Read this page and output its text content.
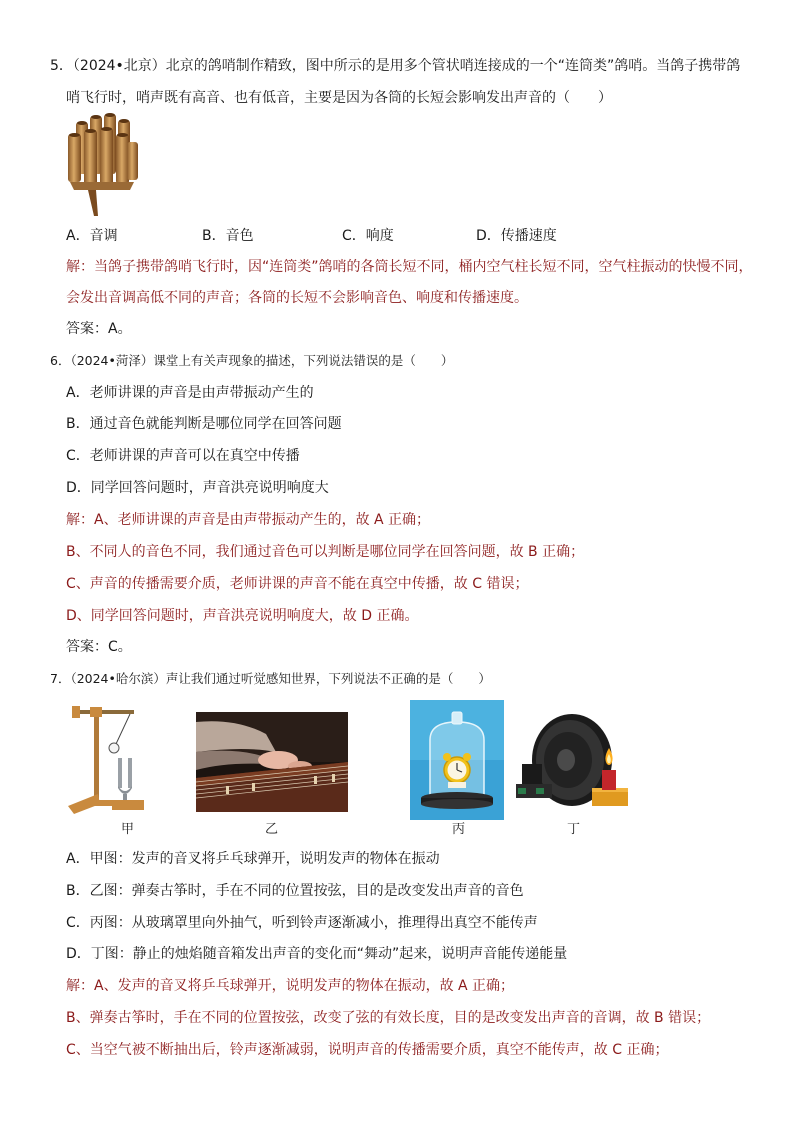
5．（2024•北京）北京的鸽哨制作精致，图中所示的是用多个管状哨连接成的一个“连筒类”鸽哨。当鸽子携带鸽
哨飞行时，哨声既有高音、也有低音，主要是因为各筒的长短会影响发出声音的（　　）
A．音调	B．音色	C．响度	D．传播速度
解：当鸽子携带鸽哨飞行时，因“连筒类”鸽哨的各筒长短不同，桶内空气柱长短不同，空气柱振动的快慢不同，
会发出音调高低不同的声音；各筒的长短不会影响音色、响度和传播速度。
答案：A。
6．（2024•菏泽）课堂上有关声现象的描述，下列说法错误的是（　　）
A．老师讲课的声音是由声带振动产生的
B．通过音色就能判断是哪位同学在回答问题
C．老师讲课的声音可以在真空中传播
D．同学回答问题时，声音洪亮说明响度大
解：A、老师讲课的声音是由声带振动产生的，故 A 正确；
B、不同人的音色不同，我们通过音色可以判断是哪位同学在回答问题，故 B 正确；
C、声音的传播需要介质，老师讲课的声音不能在真空中传播，故 C 错误；
D、同学回答问题时，声音洪亮说明响度大，故 D 正确。
答案：C。
7．（2024•哈尔滨）声让我们通过听觉感知世界，下列说法不正确的是（　　）
甲	乙	丙	丁
A．甲图：发声的音叉将乒乓球弹开，说明发声的物体在振动
B．乙图：弹奏古筝时，手在不同的位置按弦，目的是改变发出声音的音色
C．丙图：从玻璃罩里向外抽气，听到铃声逐渐减小，推理得出真空不能传声
D．丁图：静止的烛焰随音箱发出声音的变化而“舞动”起来，说明声音能传递能量
解：A、发声的音叉将乒乓球弹开，说明发声的物体在振动，故 A 正确；
B、弹奏古筝时，手在不同的位置按弦，改变了弦的有效长度，目的是改变发出声音的音调，故 B 错误；
C、当空气被不断抽出后，铃声逐渐减弱，说明声音的传播需要介质，真空不能传声，故 C 正确；
